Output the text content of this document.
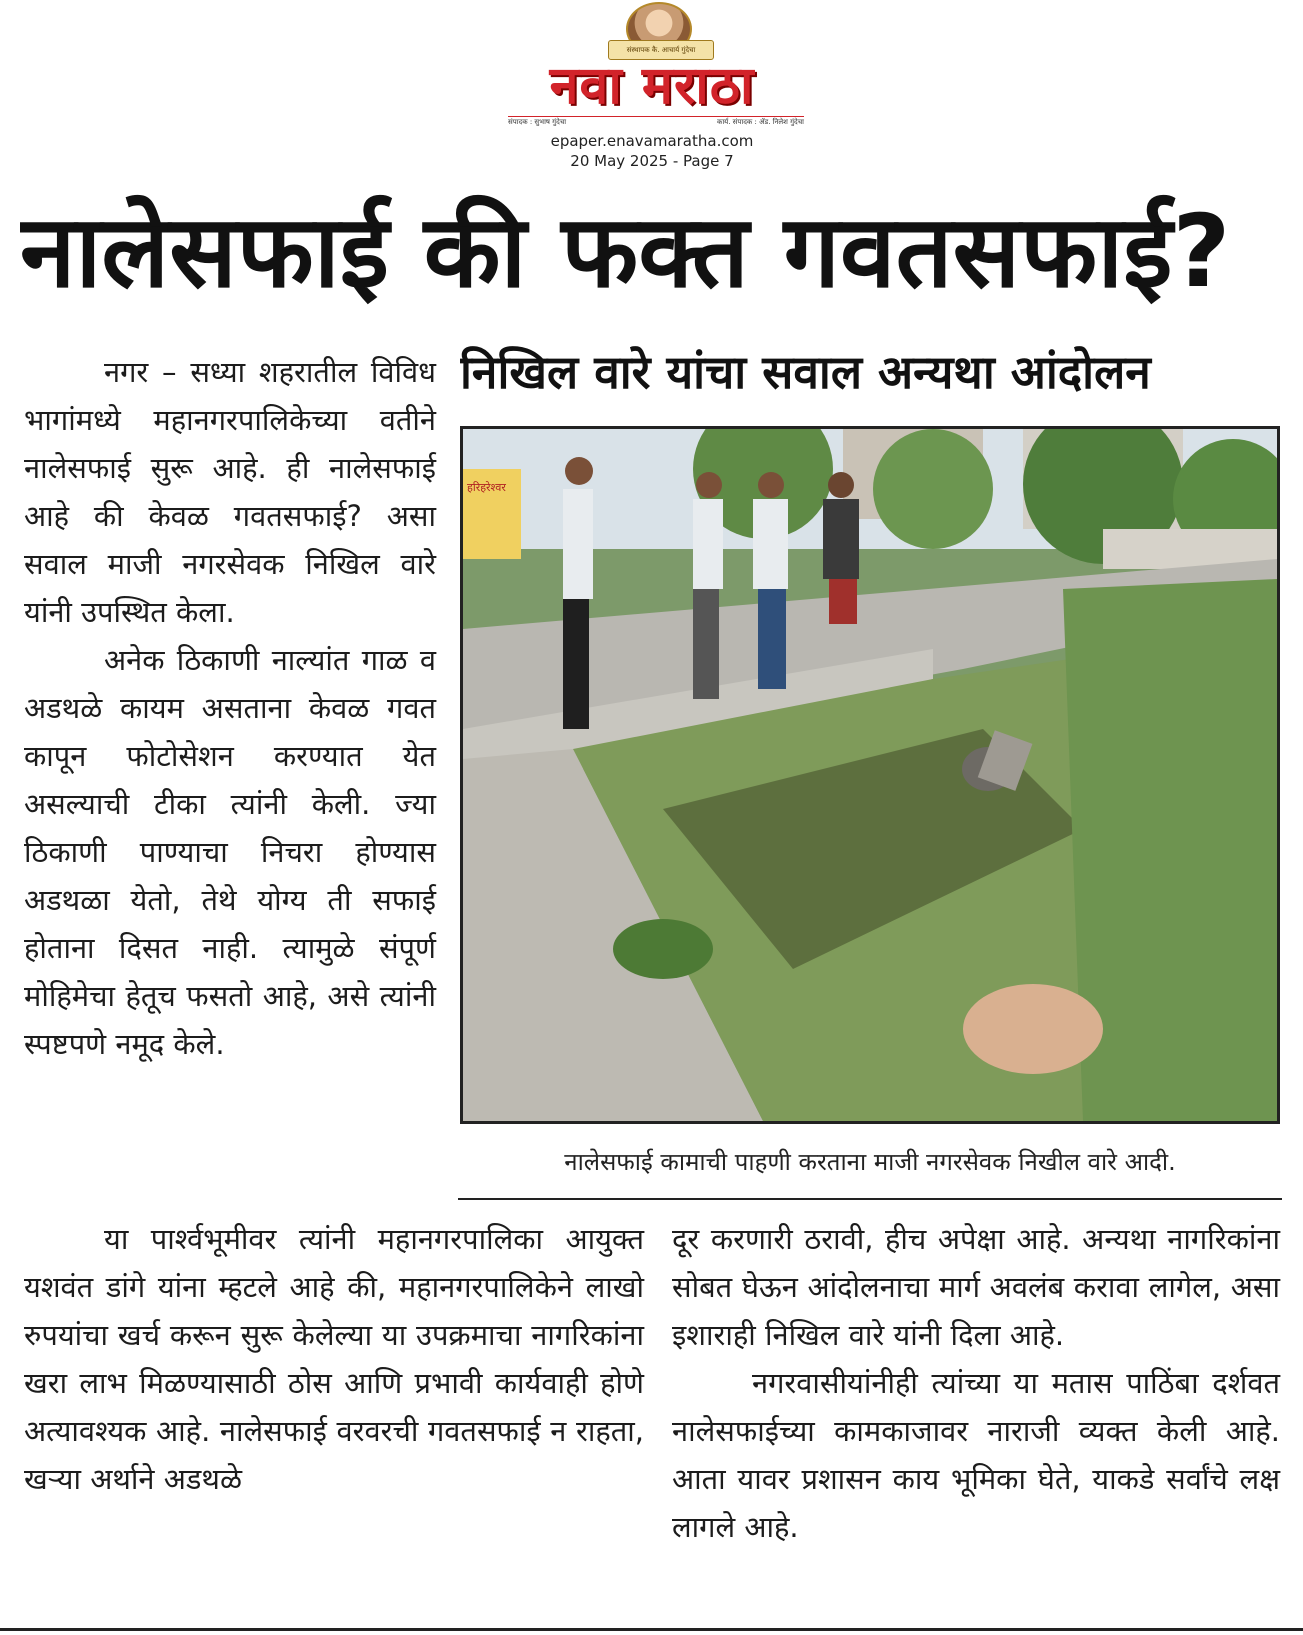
संस्थापक कै. आचार्य गुंदेचा
नवा मराठा
संपादक : सुभाष गुंदेचा	कार्य. संपादक : ॲड. निलेश गुंदेचा
epaper.enavamaratha.com
20 May 2025 - Page 7
नालेसफाई की फक्त गवतसफाई?

नगर – सध्या शहरातील विविध भागांमध्ये महानगरपालिकेच्या वतीने नालेसफाई सुरू आहे. ही नालेसफाई आहे की केवळ गवतसफाई? असा सवाल माजी नगरसेवक निखिल वारे यांनी उपस्थित केला.

अनेक ठिकाणी नाल्यांत गाळ व अडथळे कायम असताना केवळ गवत कापून फोटोसेशन करण्यात येत असल्याची टीका त्यांनी केली. ज्या ठिकाणी पाण्याचा निचरा होण्यास अडथळा येतो, तेथे योग्य ती सफाई होताना दिसत नाही. त्यामुळे संपूर्ण मोहिमेचा हेतूच फसतो आहे, असे त्यांनी स्पष्टपणे नमूद केले.

निखिल वारे यांचा सवाल अन्यथा आंदोलन
हरिहरेश्वर
नालेसफाई कामाची पाहणी करताना माजी नगरसेवक निखील वारे आदी.

या पार्श्वभूमीवर त्यांनी महानगरपालिका आयुक्त यशवंत डांगे यांना म्हटले आहे की, महानगरपालिकेने लाखो रुपयांचा खर्च करून सुरू केलेल्या या उपक्रमाचा नागरिकांना खरा लाभ मिळण्यासाठी ठोस आणि प्रभावी कार्यवाही होणे अत्यावश्यक आहे. नालेसफाई वरवरची गवतसफाई न राहता, खऱ्या अर्थाने अडथळे

दूर करणारी ठरावी, हीच अपेक्षा आहे. अन्यथा नागरिकांना सोबत घेऊन आंदोलनाचा मार्ग अवलंब करावा लागेल, असा इशाराही निखिल वारे यांनी दिला आहे.

नगरवासीयांनीही त्यांच्या या मतास पाठिंबा दर्शवत नालेसफाईच्या कामकाजावर नाराजी व्यक्त केली आहे. आता यावर प्रशासन काय भूमिका घेते, याकडे सर्वांचे लक्ष लागले आहे.
